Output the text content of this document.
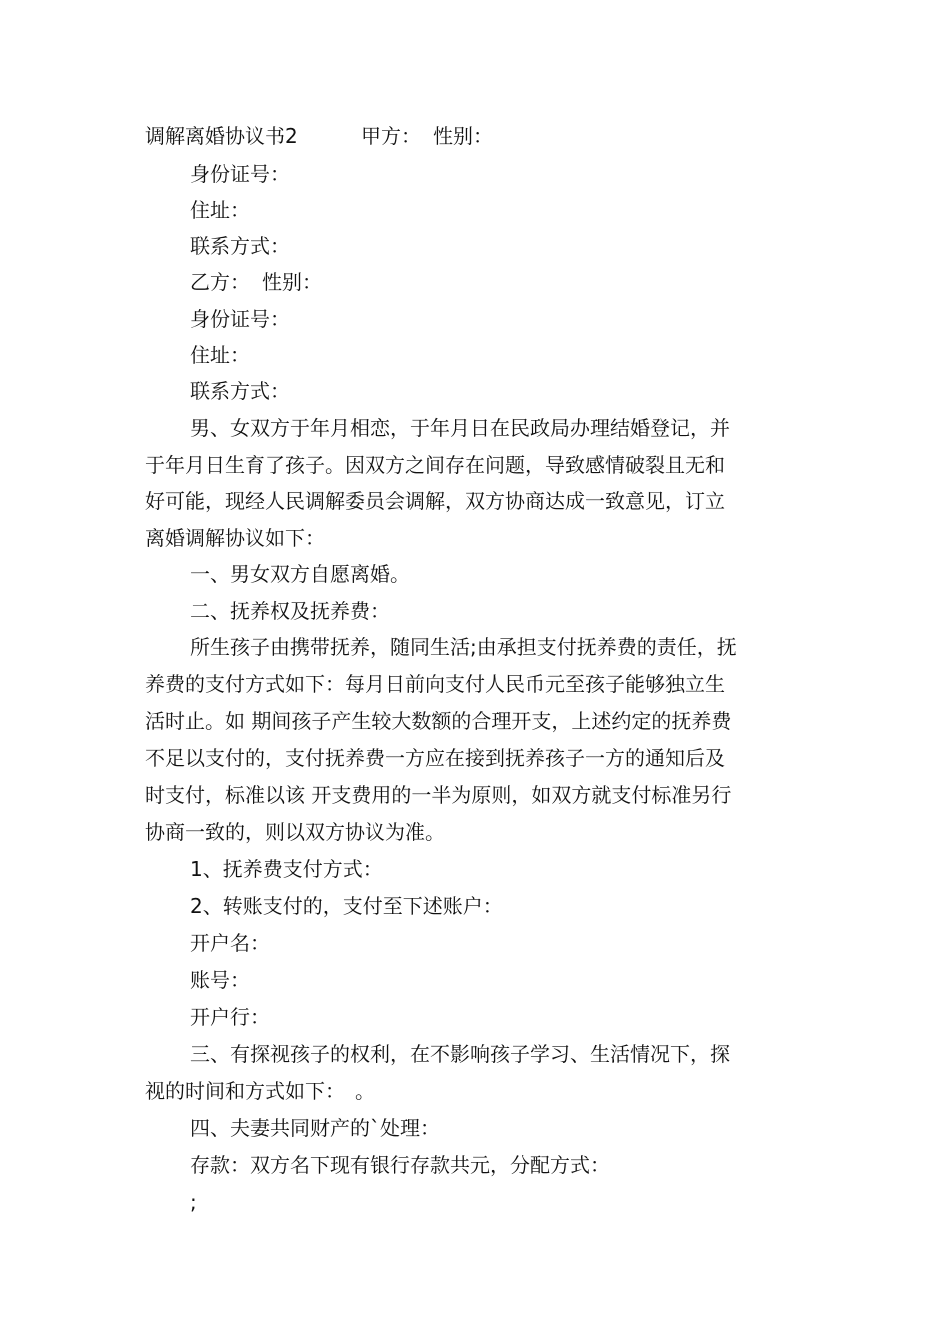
调解离婚协议书2	甲方： 性别：
身份证号：
住址：
联系方式：
乙方： 性别：
身份证号：
住址：
联系方式：
男、女双方于年月相恋，于年月日在民政局办理结婚登记，并
于年月日生育了孩子。因双方之间存在问题，导致感情破裂且无和
好可能，现经人民调解委员会调解，双方协商达成一致意见，订立
离婚调解协议如下：
一、男女双方自愿离婚。
二、抚养权及抚养费：
所生孩子由携带抚养，随同生活;由承担支付抚养费的责任，抚
养费的支付方式如下：每月日前向支付人民币元至孩子能够独立生
活时止。如 期间孩子产生较大数额的合理开支，上述约定的抚养费
不足以支付的，支付抚养费一方应在接到抚养孩子一方的通知后及
时支付，标准以该 开支费用的一半为原则，如双方就支付标准另行
协商一致的，则以双方协议为准。
1、抚养费支付方式：
2、转账支付的，支付至下述账户：
开户名：
账号：
开户行：
三、有探视孩子的权利，在不影响孩子学习、生活情况下，探
视的时间和方式如下：　。
四、夫妻共同财产的`处理：
存款：双方名下现有银行存款共元，分配方式：
;
